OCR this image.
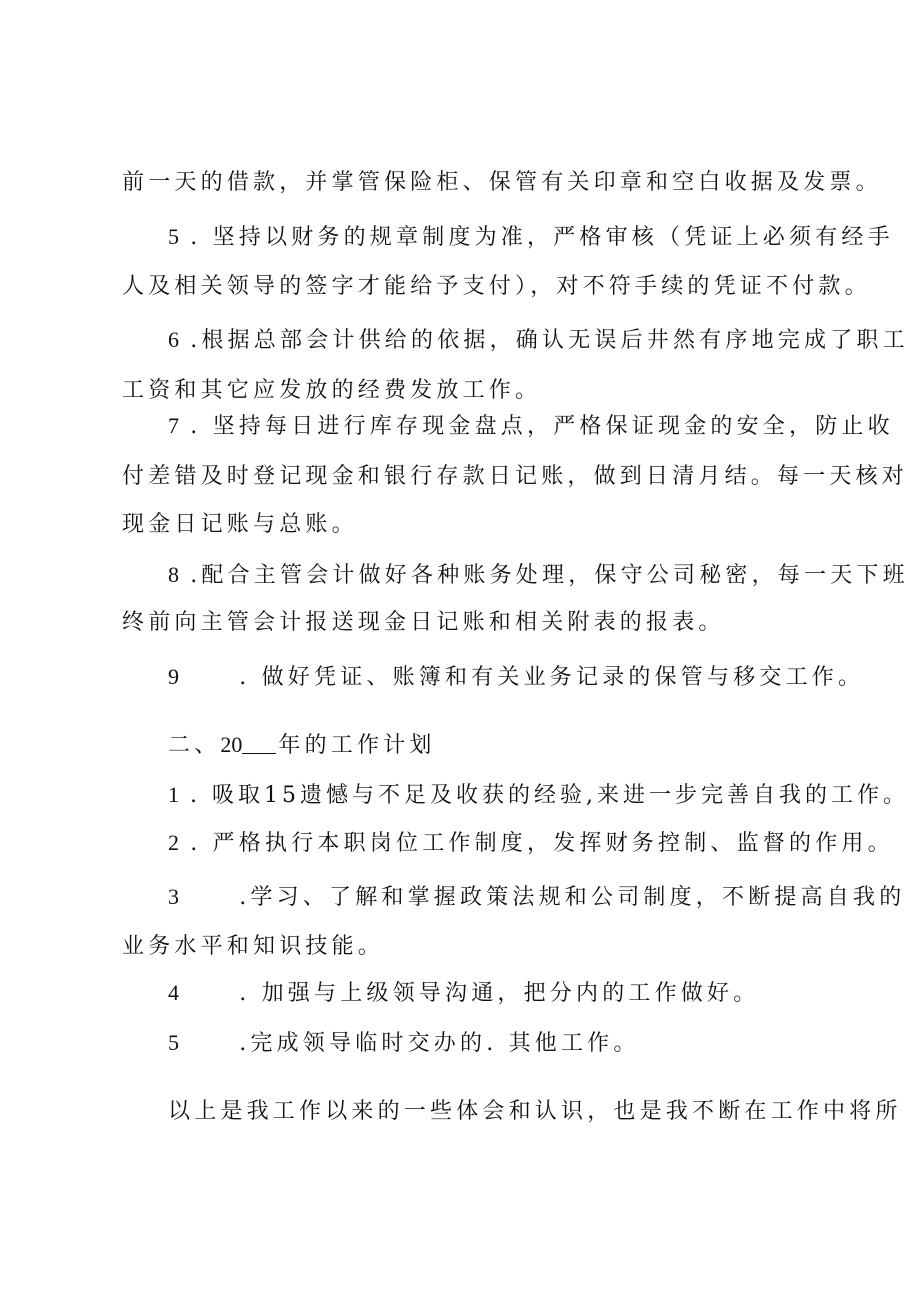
前一天的借款，并掌管保险柜、保管有关印章和空白收据及发票。
5 . 坚持以财务的规章制度为准，严格审核（凭证上必须有经手
人及相关领导的签字才能给予支付），对不符手续的凭证不付款。
6 .根据总部会计供给的依据，确认无误后井然有序地完成了职工
工资和其它应发放的经费发放工作。
7 . 坚持每日进行库存现金盘点，严格保证现金的安全，防止收
付差错及时登记现金和银行存款日记账，做到日清月结。每一天核对
现金日记账与总账。
8 .配合主管会计做好各种账务处理，保守公司秘密，每一天下班
终前向主管会计报送现金日记账和相关附表的报表。
9	. 做好凭证、账簿和有关业务记录的保管与移交工作。
二、20 年的工作计划
1 . 吸取15遗憾与不足及收获的经验,来进一步完善自我的工作。
2 . 严格执行本职岗位工作制度，发挥财务控制、监督的作用。
3	.学习、了解和掌握政策法规和公司制度，不断提高自我的
业务水平和知识技能。
4	. 加强与上级领导沟通，把分内的工作做好。
5	.完成领导临时交办的. 其他工作。
以上是我工作以来的一些体会和认识，也是我不断在工作中将所
